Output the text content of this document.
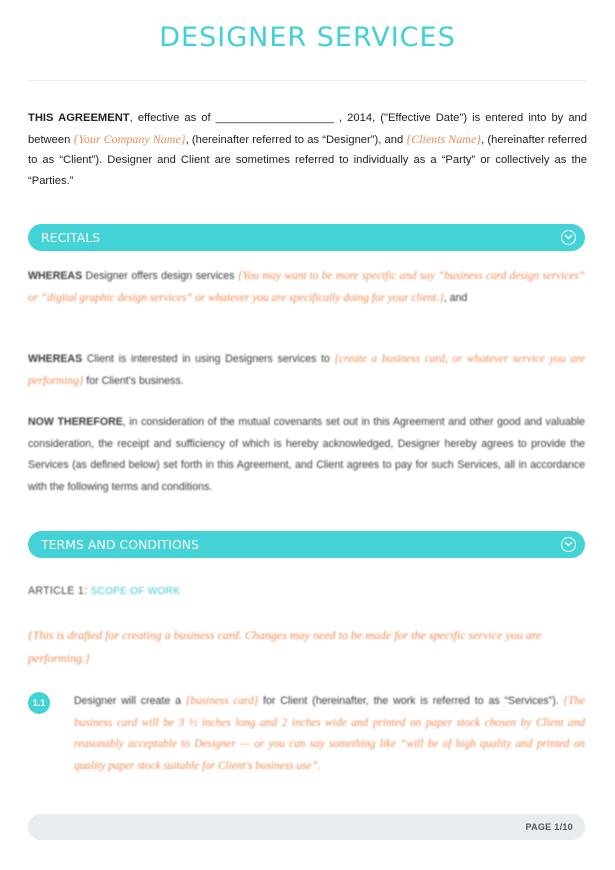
DESIGNER SERVICES
THIS AGREEMENT, effective as of ___________________ , 2014, ("Effective Date") is entered into by and between {Your Company Name}, (hereinafter referred to as “Designer”), and {Clients Name}, (hereinafter referred to as “Client”). Designer and Client are sometimes referred to individually as a “Party” or collectively as the “Parties.”
RECITALS
WHEREAS Designer offers design services {You may want to be more specific and say “business card design services” or “digital graphic design services” or whatever you are specifically doing for your client.}, and
WHEREAS Client is interested in using Designers services to {create a business card, or whatever service you are performing} for Client's business.
NOW THEREFORE, in consideration of the mutual covenants set out in this Agreement and other good and valuable consideration, the receipt and sufficiency of which is hereby acknowledged, Designer hereby agrees to provide the Services (as defined below) set forth in this Agreement, and Client agrees to pay for such Services, all in accordance with the following terms and conditions.
TERMS AND CONDITIONS
ARTICLE 1: SCOPE OF WORK
{This is drafted for creating a business card. Changes may need to be made for the specific service you are performing.}
1.1	Designer will create a {business card} for Client (hereinafter, the work is referred to as “Services”). {The business card will be 3 ½ inches long and 2 inches wide and printed on paper stock chosen by Client and reasonably acceptable to Designer — or you can say something like “will be of high quality and printed on quality paper stock suitable for Client's business use”.
PAGE 1/10
